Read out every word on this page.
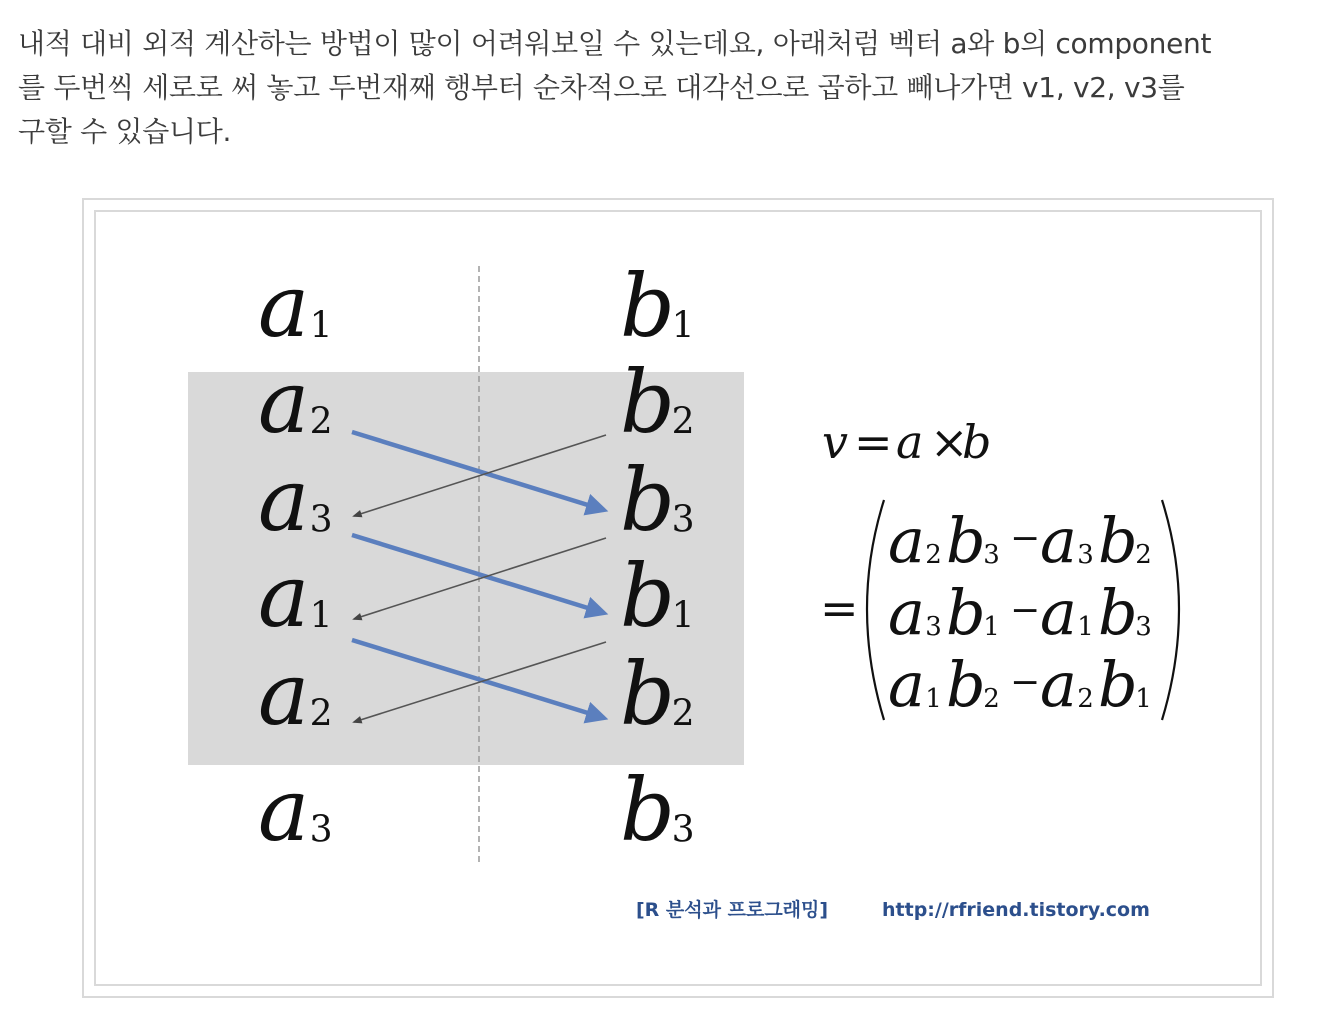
내적 대비 외적 계산하는 방법이 많이 어려워보일 수 있는데요, 아래처럼 벡터 a와 b의 component
를 두번씩 세로로 써 놓고 두번재째 행부터 순차적으로 대각선으로 곱하고 빼나가면 v1, v2, v3를
구할 수 있습니다.

a 1
a 2
a 3
a 1
a 2
a 3
b
1
b
2
b
3
b
1
b
2
b
3
v = a ×
b
=
a 2 b
3 − a 3 b
2
a 3 b
1 − a 1 b
3
a 1 b
2 − a 2 b
1
[R 분석과 프로그래밍]	http://rfriend.tistory.com
